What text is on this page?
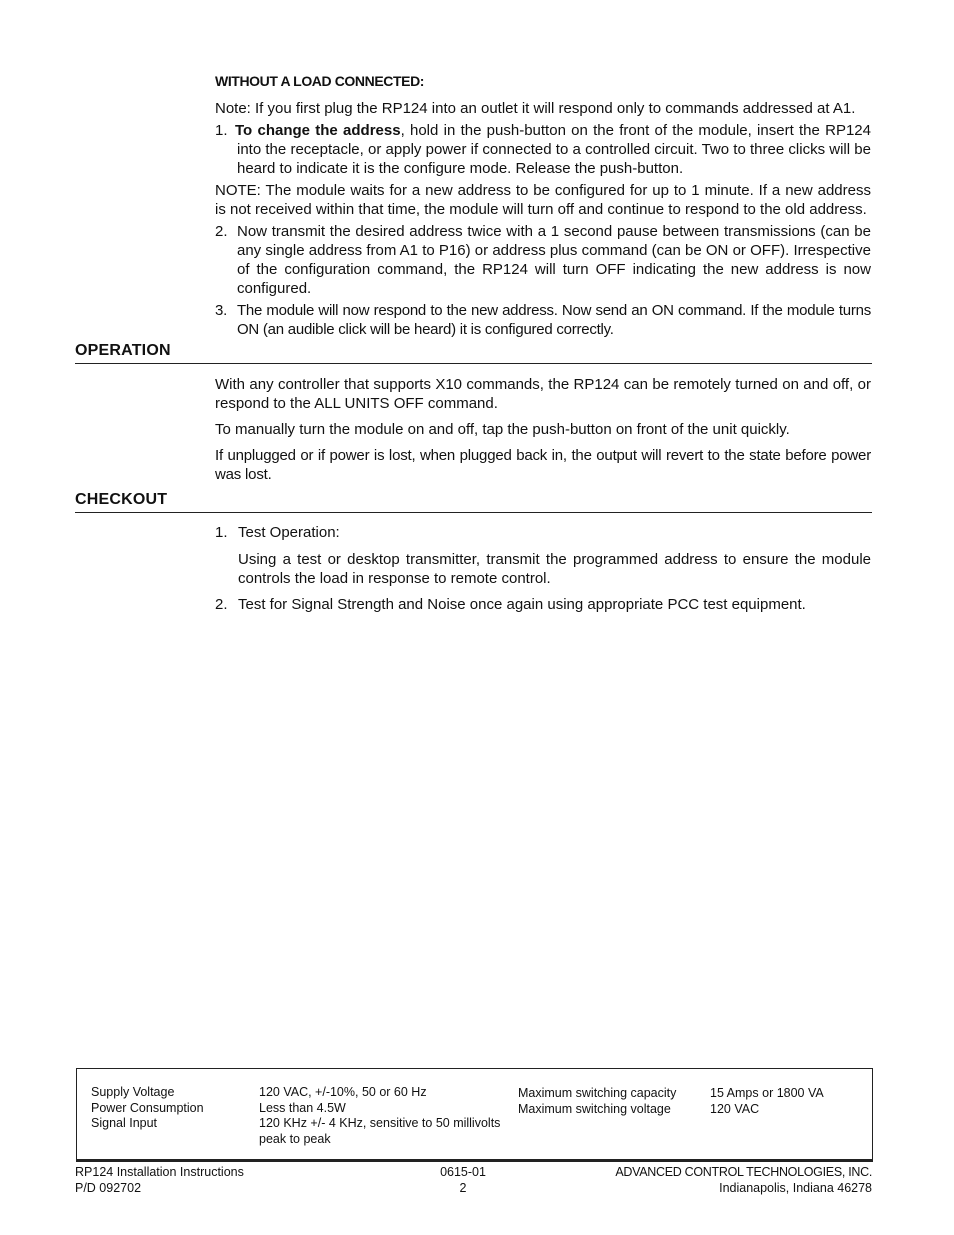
WITHOUT A LOAD CONNECTED:

Note: If you first plug the RP124 into an outlet it will respond only to commands addressed at A1.

1. To change the address, hold in the push-button on the front of the module, insert the RP124 into the receptacle, or apply power if connected to a controlled circuit. Two to three clicks will be heard to indicate it is the configure mode. Release the push-button.

NOTE: The module waits for a new address to be configured for up to 1 minute. If a new address is not received within that time, the module will turn off and continue to respond to the old address.

2. Now transmit the desired address twice with a 1 second pause between transmissions (can be any single address from A1 to P16) or address plus command (can be ON or OFF). Irrespective of the configuration command, the RP124 will turn OFF indicating the new address is now configured.
3. The module will now respond to the new address. Now send an ON command. If the module turns ON (an audible click will be heard) it is configured correctly.
OPERATION

With any controller that supports X10 commands, the RP124 can be remotely turned on and off, or respond to the ALL UNITS OFF command.

To manually turn the module on and off, tap the push-button on front of the unit quickly.

If unplugged or if power is lost, when plugged back in, the output will revert to the state before power was lost.

CHECKOUT
1. Test Operation:

Using a test or desktop transmitter, transmit the programmed address to ensure the module controls the load in response to remote control.

2. Test for Signal Strength and Noise once again using appropriate PCC test equipment.
Supply Voltage
Power Consumption
Signal Input
120 VAC, +/-10%, 50 or 60 Hz
Less than 4.5W
120 KHz +/- 4 KHz, sensitive to 50 millivolts
peak to peak
Maximum switching capacity
Maximum switching voltage
15 Amps or 1800 VA
120 VAC
RP124 Installation Instructions
P/D 092702
0615-01
2
ADVANCED CONTROL TECHNOLOGIES, INC.
Indianapolis, Indiana 46278
